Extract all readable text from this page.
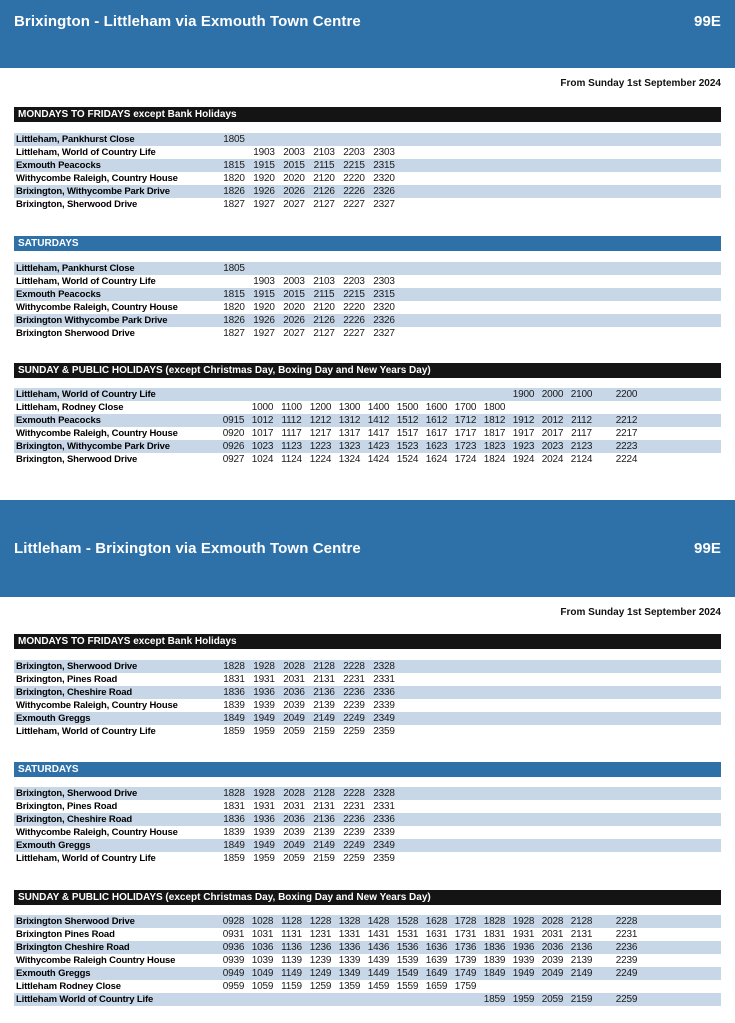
Brixington - Littleham via Exmouth Town Centre	99E
From Sunday 1st September 2024
MONDAYS TO FRIDAYS except Bank Holidays
Littleham, Pankhurst Close	1805						
Littleham, World of Country Life		1903	2003	2103	2203	2303	
Exmouth Peacocks	1815	1915	2015	2115	2215	2315	
Withycombe Raleigh, Country House	1820	1920	2020	2120	2220	2320	
Brixington, Withycombe Park Drive	1826	1926	2026	2126	2226	2326	
Brixington, Sherwood Drive	1827	1927	2027	2127	2227	2327	
SATURDAYS
Littleham, Pankhurst Close	1805						
Littleham, World of Country Life		1903	2003	2103	2203	2303	
Exmouth Peacocks	1815	1915	2015	2115	2215	2315	
Withycombe Raleigh, Country House	1820	1920	2020	2120	2220	2320	
Brixington Withycombe Park Drive	1826	1926	2026	2126	2226	2326	
Brixington Sherwood Drive	1827	1927	2027	2127	2227	2327	
SUNDAY & PUBLIC HOLIDAYS (except Christmas Day, Boxing Day and New Years Day)
Littleham, World of Country Life											1900	2000	2100		2200	
Littleham, Rodney Close		1000	1100	1200	1300	1400	1500	1600	1700	1800						
Exmouth Peacocks	0915	1012	1112	1212	1312	1412	1512	1612	1712	1812	1912	2012	2112		2212	
Withycombe Raleigh, Country House	0920	1017	1117	1217	1317	1417	1517	1617	1717	1817	1917	2017	2117		2217	
Brixington, Withycombe Park Drive	0926	1023	1123	1223	1323	1423	1523	1623	1723	1823	1923	2023	2123		2223	
Brixington, Sherwood Drive	0927	1024	1124	1224	1324	1424	1524	1624	1724	1824	1924	2024	2124		2224	
Littleham - Brixington via Exmouth Town Centre	99E
From Sunday 1st September 2024
MONDAYS TO FRIDAYS except Bank Holidays
Brixington, Sherwood Drive	1828	1928	2028	2128	2228	2328	
Brixington, Pines Road	1831	1931	2031	2131	2231	2331	
Brixington, Cheshire Road	1836	1936	2036	2136	2236	2336	
Withycombe Raleigh, Country House	1839	1939	2039	2139	2239	2339	
Exmouth Greggs	1849	1949	2049	2149	2249	2349	
Littleham, World of Country Life	1859	1959	2059	2159	2259	2359	
SATURDAYS
Brixington, Sherwood Drive	1828	1928	2028	2128	2228	2328	
Brixington, Pines Road	1831	1931	2031	2131	2231	2331	
Brixington, Cheshire Road	1836	1936	2036	2136	2236	2336	
Withycombe Raleigh, Country House	1839	1939	2039	2139	2239	2339	
Exmouth Greggs	1849	1949	2049	2149	2249	2349	
Littleham, World of Country Life	1859	1959	2059	2159	2259	2359	
SUNDAY & PUBLIC HOLIDAYS (except Christmas Day, Boxing Day and New Years Day)
Brixington Sherwood Drive	0928	1028	1128	1228	1328	1428	1528	1628	1728	1828	1928	2028	2128		2228	
Brixington Pines Road	0931	1031	1131	1231	1331	1431	1531	1631	1731	1831	1931	2031	2131		2231	
Brixington Cheshire Road	0936	1036	1136	1236	1336	1436	1536	1636	1736	1836	1936	2036	2136		2236	
Withycombe Raleigh Country House	0939	1039	1139	1239	1339	1439	1539	1639	1739	1839	1939	2039	2139		2239	
Exmouth Greggs	0949	1049	1149	1249	1349	1449	1549	1649	1749	1849	1949	2049	2149		2249	
Littleham Rodney Close	0959	1059	1159	1259	1359	1459	1559	1659	1759							
Littleham World of Country Life										1859	1959	2059	2159		2259	
